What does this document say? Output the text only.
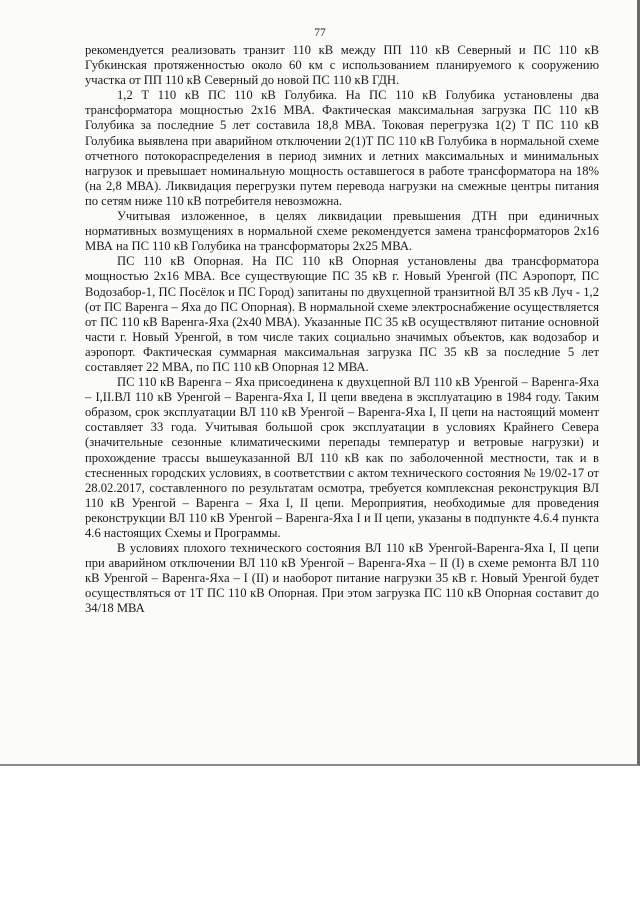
77

рекомендуется реализовать транзит 110 кВ между ПП 110 кВ Северный и ПС 110 кВ Губкинская протяженностью около 60 км с использованием планируемого к сооружению участка от ПП 110 кВ Северный до новой ПС 110 кВ ГДН.

1,2 Т 110 кВ ПС 110 кВ Голубика. На ПС 110 кВ Голубика установлены два трансформатора мощностью 2х16 МВА. Фактическая максимальная загрузка ПС 110 кВ Голубика за последние 5 лет составила 18,8 МВА. Токовая перегрузка 1(2) Т ПС 110 кВ Голубика выявлена при аварийном отключении 2(1)Т ПС 110 кВ Голубика в нормальной схеме отчетного потокораспределения в период зимних и летних максимальных и минимальных нагрузок и превышает номинальную мощность оставшегося в работе трансформатора на 18% (на 2,8 МВА). Ликвидация перегрузки путем перевода нагрузки на смежные центры питания по сетям ниже 110 кВ потребителя невозможна.

Учитывая изложенное, в целях ликвидации превышения ДТН при единичных нормативных возмущениях в нормальной схеме рекомендуется замена трансформаторов 2х16 МВА на ПС 110 кВ Голубика на трансформаторы 2х25 МВА.

ПС 110 кВ Опорная. На ПС 110 кВ Опорная установлены два трансформатора мощностью 2х16 МВА. Все существующие ПС 35 кВ г. Новый Уренгой (ПС Аэропорт, ПС Водозабор-1, ПС Посёлок и ПС Город) запитаны по двухцепной транзитной ВЛ 35 кВ Луч - 1,2 (от ПС Варенга – Яха до ПС Опорная). В нормальной схеме электроснабжение осуществляется от ПС 110 кВ Варенга-Яха (2х40 МВА). Указанные ПС 35 кВ осуществляют питание основной части г. Новый Уренгой, в том числе таких социально значимых объектов, как водозабор и аэропорт. Фактическая суммарная максимальная загрузка ПС 35 кВ за последние 5 лет составляет 22 МВА, по ПС 110 кВ Опорная 12 МВА.

ПС 110 кВ Варенга – Яха присоединена к двухцепной ВЛ 110 кВ Уренгой – Варенга-Яха – I,II.ВЛ 110 кВ Уренгой – Варенга-Яха I, II цепи введена в эксплуатацию в 1984 году. Таким образом, срок эксплуатации ВЛ 110 кВ Уренгой – Варенга-Яха I, II цепи на настоящий момент составляет 33 года. Учитывая большой срок эксплуатации в условиях Крайнего Севера (значительные сезонные климатическими перепады температур и ветровые нагрузки) и прохождение трассы вышеуказанной ВЛ 110 кВ как по заболоченной местности, так и в стесненных городских условиях, в соответствии с актом технического состояния № 19/02-17 от 28.02.2017, составленного по результатам осмотра, требуется комплексная реконструкция ВЛ 110 кВ Уренгой – Варенга – Яха I, II цепи. Мероприятия, необходимые для проведения реконструкции ВЛ 110 кВ Уренгой – Варенга-Яха I и II цепи, указаны в подпункте 4.6.4 пункта 4.6 настоящих Схемы и Программы.

В условиях плохого технического состояния ВЛ 110 кВ Уренгой-Варенга-Яха I, II цепи при аварийном отключении ВЛ 110 кВ Уренгой – Варенга-Яха – II (I) в схеме ремонта ВЛ 110 кВ Уренгой – Варенга-Яха – I (II) и наоборот питание нагрузки 35 кВ г. Новый Уренгой будет осуществляться от 1Т ПС 110 кВ Опорная. При этом загрузка ПС 110 кВ Опорная составит до 34/18 МВА
